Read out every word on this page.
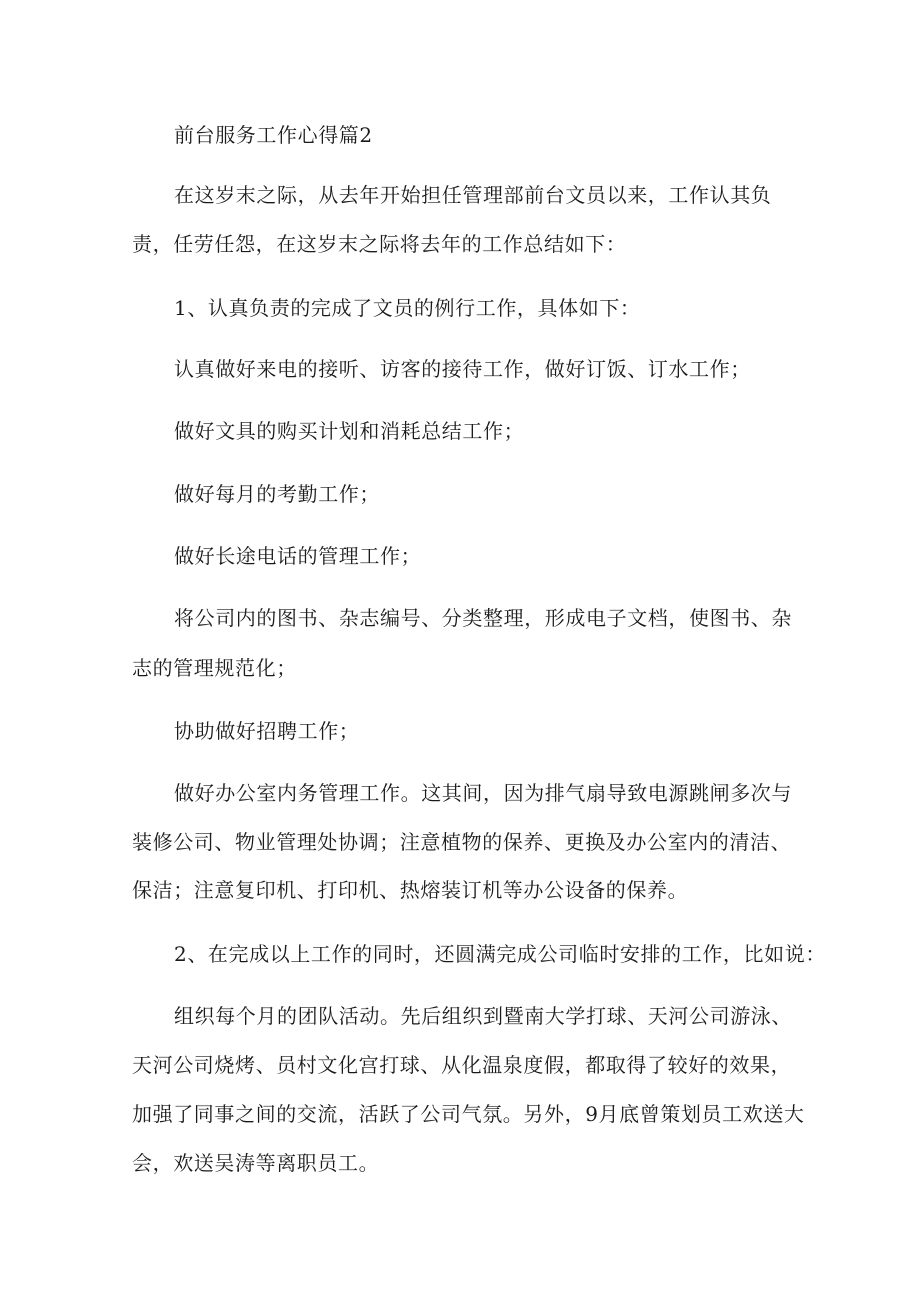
前台服务工作心得篇2
在这岁末之际，从去年开始担任管理部前台文员以来，工作认其负
责，任劳任怨，在这岁末之际将去年的工作总结如下：
1、认真负责的完成了文员的例行工作，具体如下：
认真做好来电的接听、访客的接待工作，做好订饭、订水工作；
做好文具的购买计划和消耗总结工作；
做好每月的考勤工作；
做好长途电话的管理工作；
将公司内的图书、杂志编号、分类整理，形成电子文档，使图书、杂
志的管理规范化；
协助做好招聘工作；
做好办公室内务管理工作。这其间，因为排气扇导致电源跳闸多次与
装修公司、物业管理处协调；注意植物的保养、更换及办公室内的清洁、
保洁；注意复印机、打印机、热熔装订机等办公设备的保养。
2、在完成以上工作的同时，还圆满完成公司临时安排的工作，比如说：
组织每个月的团队活动。先后组织到暨南大学打球、天河公司游泳、
天河公司烧烤、员村文化宫打球、从化温泉度假，都取得了较好的效果，
加强了同事之间的交流，活跃了公司气氛。另外，9月底曾策划员工欢送大
会，欢送吴涛等离职员工。
